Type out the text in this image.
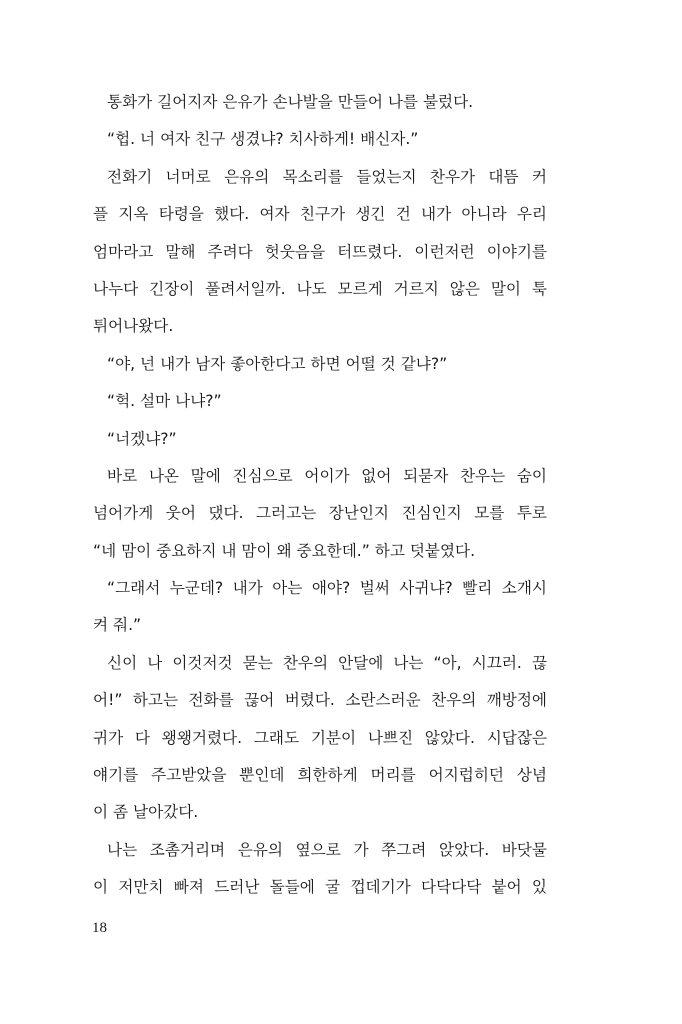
통화가 길어지자 은유가 손나발을 만들어 나를 불렀다.
“헙. 너 여자 친구 생겼냐? 치사하게! 배신자.”
전화기 너머로 은유의 목소리를 들었는지 찬우가 대뜸 커
플 지옥 타령을 했다. 여자 친구가 생긴 건 내가 아니라 우리
엄마라고 말해 주려다 헛웃음을 터뜨렸다. 이런저런 이야기를
나누다 긴장이 풀려서일까. 나도 모르게 거르지 않은 말이 툭
튀어나왔다.
“야, 넌 내가 남자 좋아한다고 하면 어떨 것 같냐?”
“헉. 설마 나냐?”
“너겠냐?”
바로 나온 말에 진심으로 어이가 없어 되묻자 찬우는 숨이
넘어가게 웃어 댔다. 그러고는 장난인지 진심인지 모를 투로
“네 맘이 중요하지 내 맘이 왜 중요한데.” 하고 덧붙였다.
“그래서 누군데? 내가 아는 애야? 벌써 사귀냐? 빨리 소개시
켜 줘.”
신이 나 이것저것 묻는 찬우의 안달에 나는 “아, 시끄러. 끊
어!” 하고는 전화를 끊어 버렸다. 소란스러운 찬우의 깨방정에
귀가 다 왱왱거렸다. 그래도 기분이 나쁘진 않았다. 시답잖은
얘기를 주고받았을 뿐인데 희한하게 머리를 어지럽히던 상념
이 좀 날아갔다.
나는 조촘거리며 은유의 옆으로 가 쭈그려 앉았다. 바닷물
이 저만치 빠져 드러난 돌들에 굴 껍데기가 다닥다닥 붙어 있
18
